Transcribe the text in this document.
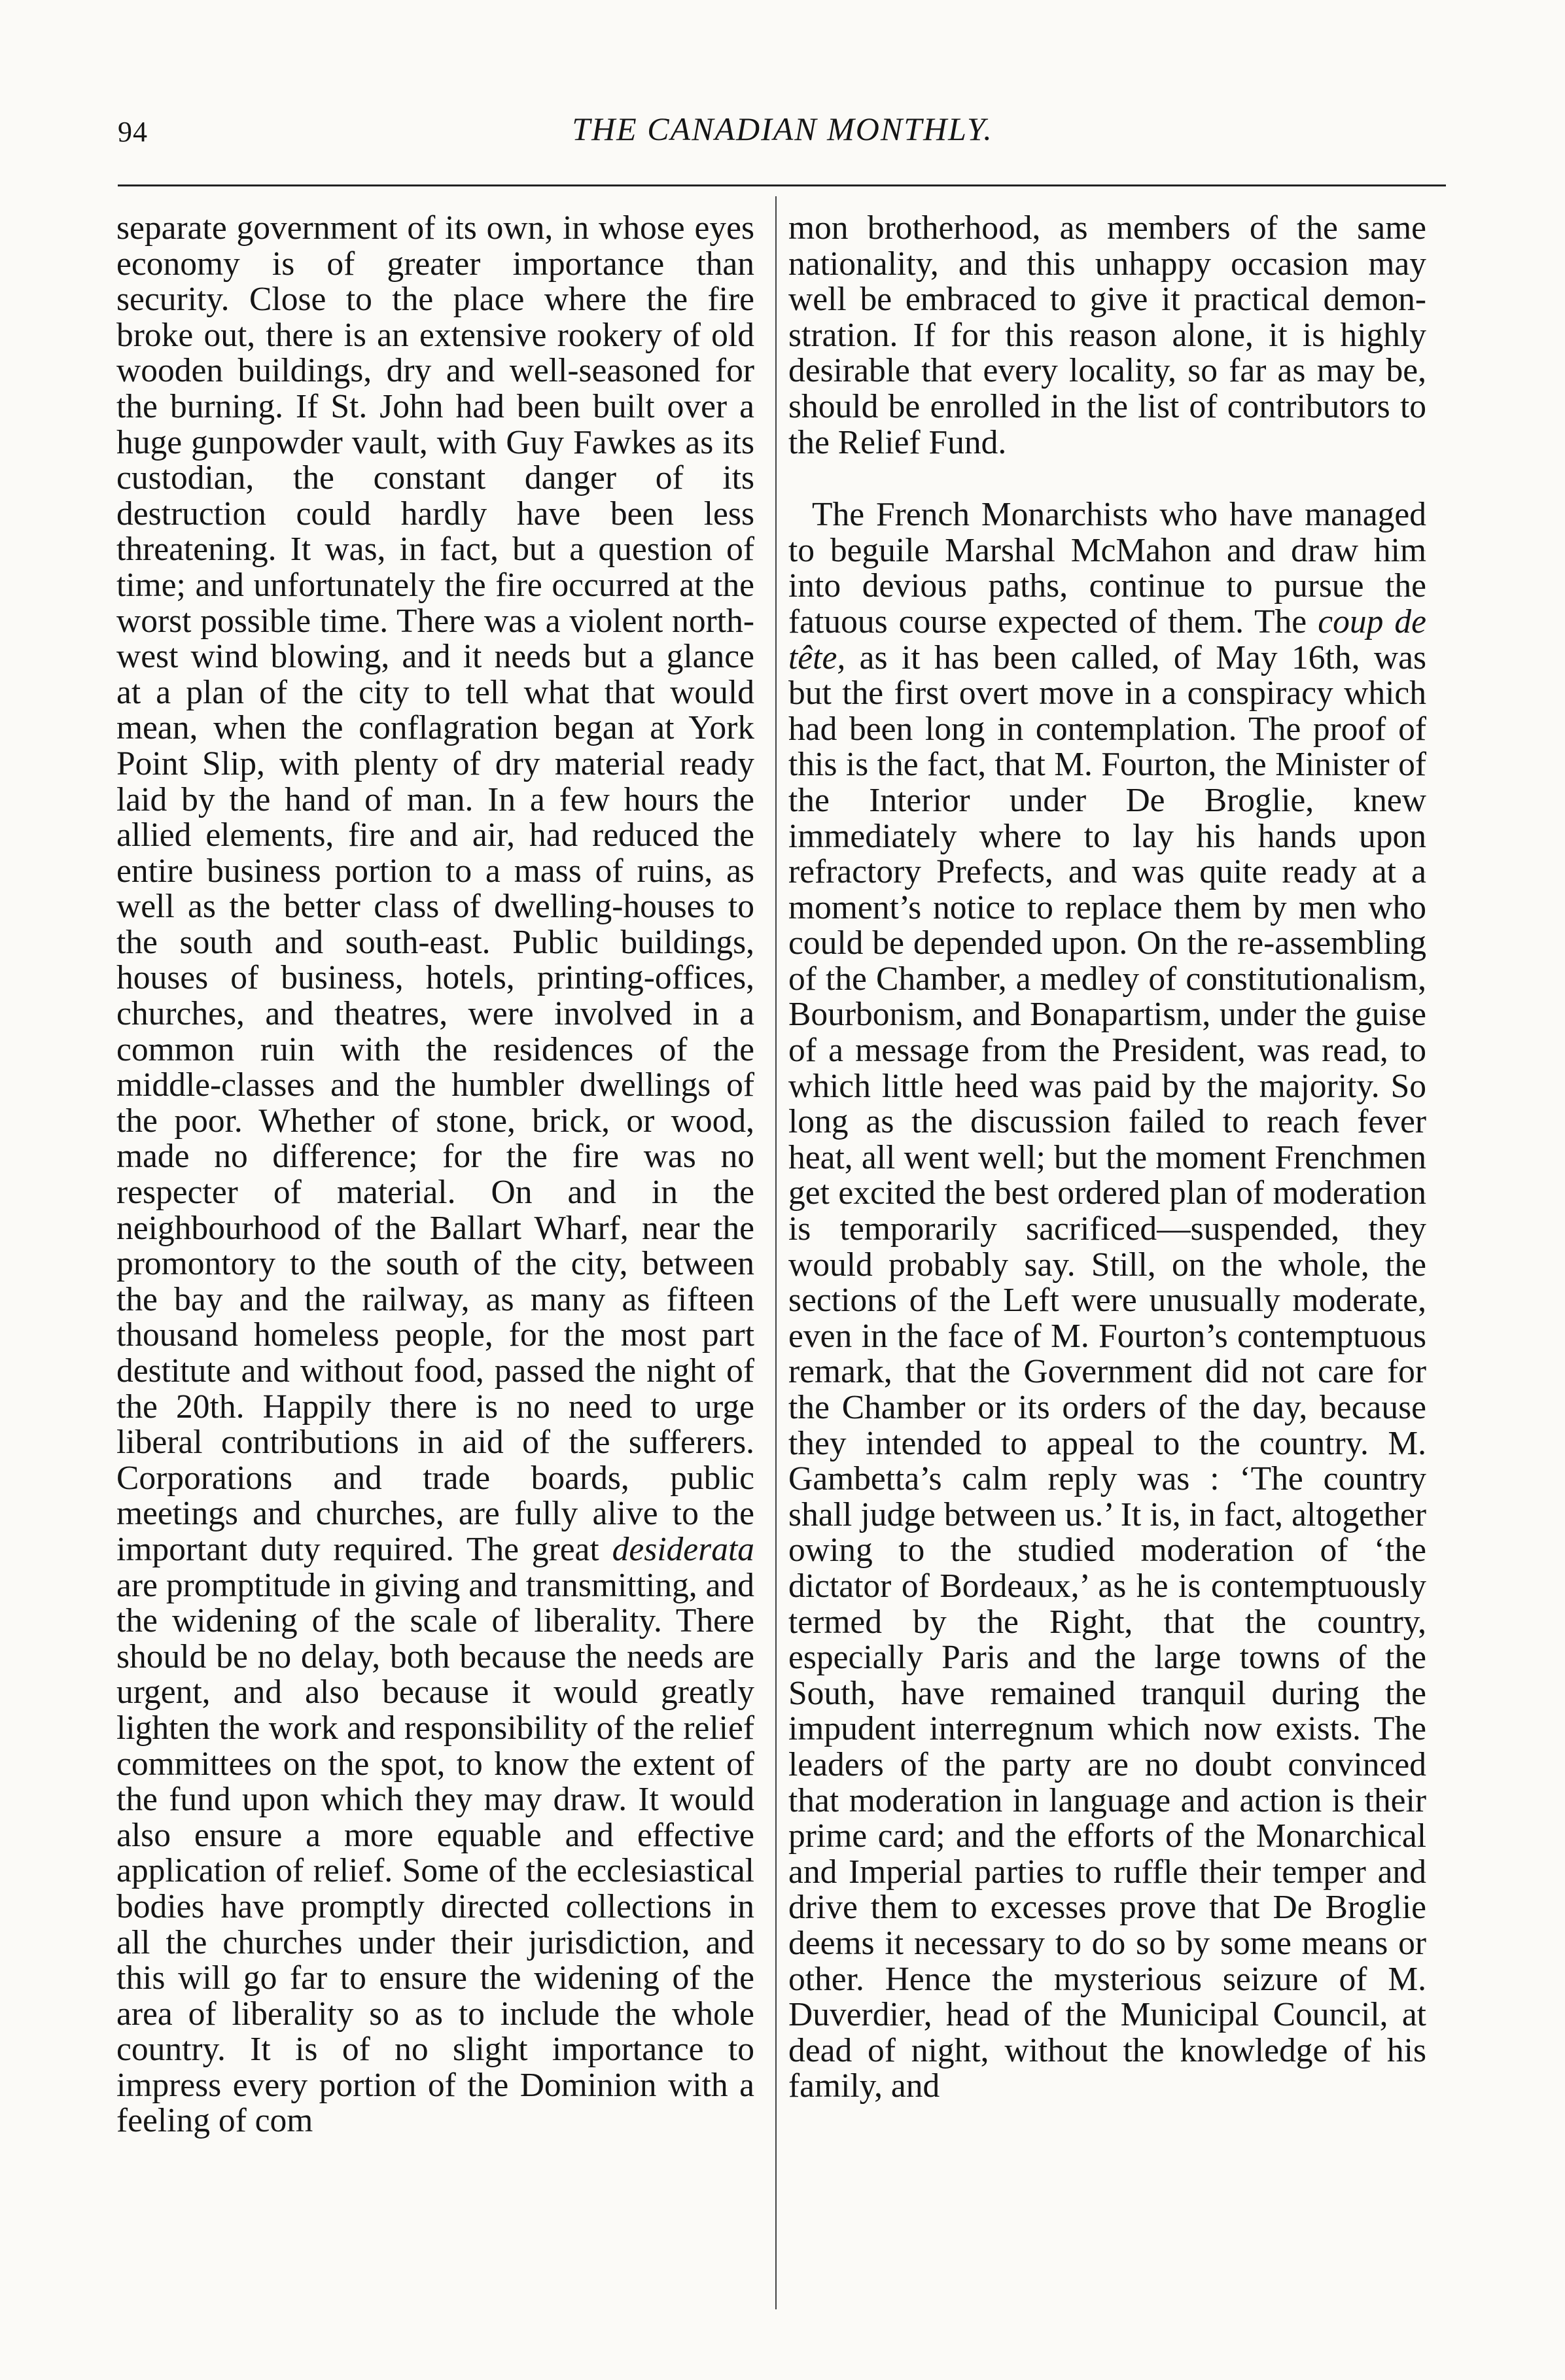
94	THE CANADIAN MONTHLY.

separate government of its own, in whose eyes economy is of greater importance than security. Close to the place where the fire broke out, there is an extensive rookery of old wooden buildings, dry and well-seasoned for the burning. If St. John had been built over a huge gunpowder vault, with Guy Fawkes as its custodian, the constant danger of its destruction could hardly have been less threatening. It was, in fact, but a question of time; and unfortunately the fire occurred at the worst possible time. There was a violent north-west wind blowing, and it needs but a glance at a plan of the city to tell what that would mean, when the conflagration began at York Point Slip, with plenty of dry material ready laid by the hand of man. In a few hours the allied elements, fire and air, had reduced the entire business portion to a mass of ruins, as well as the better class of dwelling-houses to the south and south-east. Public buildings, houses of business, hotels, printing-offices, churches, and theatres, were involved in a common ruin with the residences of the middle-classes and the humbler dwellings of the poor. Whether of stone, brick, or wood, made no difference; for the fire was no respecter of material. On and in the neighbourhood of the Ballart Wharf, near the promontory to the south of the city, between the bay and the railway, as many as fifteen thousand homeless people, for the most part destitute and without food, passed the night of the 20th. Happily there is no need to urge liberal contributions in aid of the sufferers. Corporations and trade boards, public meetings and churches, are fully alive to the important duty required. The great desiderata are promptitude in giving and transmitting, and the widening of the scale of liberality. There should be no delay, both because the needs are urgent, and also because it would greatly lighten the work and responsibility of the relief committees on the spot, to know the extent of the fund upon which they may draw. It would also ensure a more equable and effective application of relief. Some of the ecclesiastical bodies have promptly directed collections in all the churches under their jurisdiction, and this will go far to ensure the widening of the area of liberality so as to include the whole country. It is of no slight importance to impress every portion of the Dominion with a feeling of com

mon brotherhood, as members of the same nationality, and this unhappy occasion may well be embraced to give it practical demonstration. If for this reason alone, it is highly desirable that every locality, so far as may be, should be enrolled in the list of contributors to the Relief Fund.

The French Monarchists who have managed to beguile Marshal McMahon and draw him into devious paths, continue to pursue the fatuous course expected of them. The coup de tête, as it has been called, of May 16th, was but the first overt move in a conspiracy which had been long in contemplation. The proof of this is the fact, that M. Fourton, the Minister of the Interior under De Broglie, knew immediately where to lay his hands upon refractory Prefects, and was quite ready at a moment’s notice to replace them by men who could be depended upon. On the re-assembling of the Chamber, a medley of constitutionalism, Bourbonism, and Bonapartism, under the guise of a message from the President, was read, to which little heed was paid by the majority. So long as the discussion failed to reach fever heat, all went well; but the moment Frenchmen get excited the best ordered plan of moderation is temporarily sacrificed—suspended, they would probably say. Still, on the whole, the sections of the Left were unusually moderate, even in the face of M. Fourton’s contemptuous remark, that the Government did not care for the Chamber or its orders of the day, because they intended to appeal to the country. M. Gambetta’s calm reply was : ‘The country shall judge between us.’ It is, in fact, altogether owing to the studied moderation of ‘the dictator of Bordeaux,’ as he is contemptuously termed by the Right, that the country, especially Paris and the large towns of the South, have remained tranquil during the impudent interregnum which now exists. The leaders of the party are no doubt convinced that moderation in language and action is their prime card; and the efforts of the Monarchical and Imperial parties to ruffle their temper and drive them to excesses prove that De Broglie deems it necessary to do so by some means or other. Hence the mysterious seizure of M. Duverdier, head of the Municipal Council, at dead of night, without the knowledge of his family, and
